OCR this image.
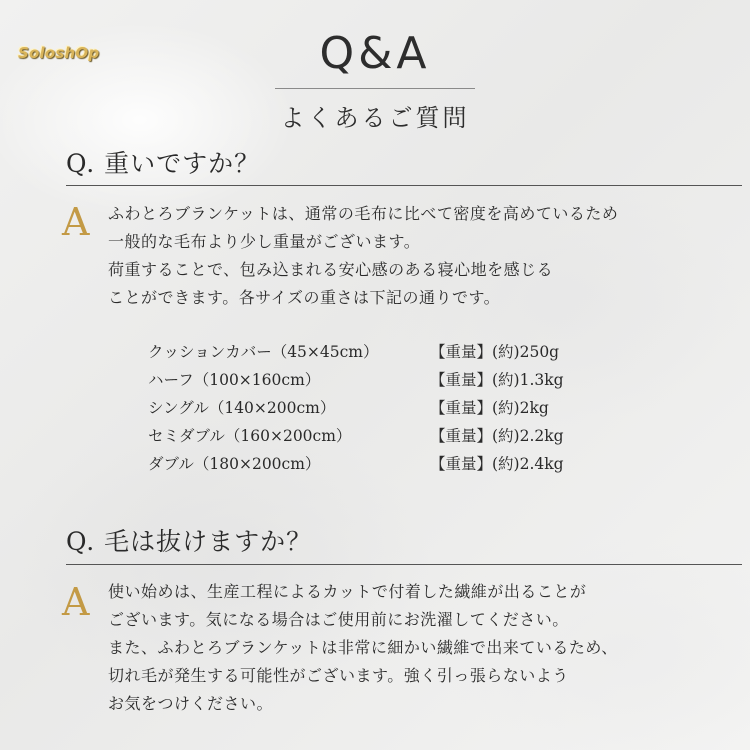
SoloshOp	Q&A
よくあるご質問
Q. 重いですか？
A ふわとろブランケットは、通常の毛布に比べて密度を高めているため
一般的な毛布より少し重量がございます。
荷重することで、包み込まれる安心感のある寝心地を感じる
ことができます。各サイズの重さは下記の通りです。
クッションカバー（45×45cm）	【重量】(約)250g
ハーフ（100×160cm）	【重量】(約)1.3kg
シングル（140×200cm）	【重量】(約)2kg
セミダブル（160×200cm）	【重量】(約)2.2kg
ダブル（180×200cm）	【重量】(約)2.4kg
Q. 毛は抜けますか？
A 使い始めは、生産工程によるカットで付着した繊維が出ることが
ございます。気になる場合はご使用前にお洗濯してください。
また、ふわとろブランケットは非常に細かい繊維で出来ているため、
切れ毛が発生する可能性がございます。強く引っ張らないよう
お気をつけください。
